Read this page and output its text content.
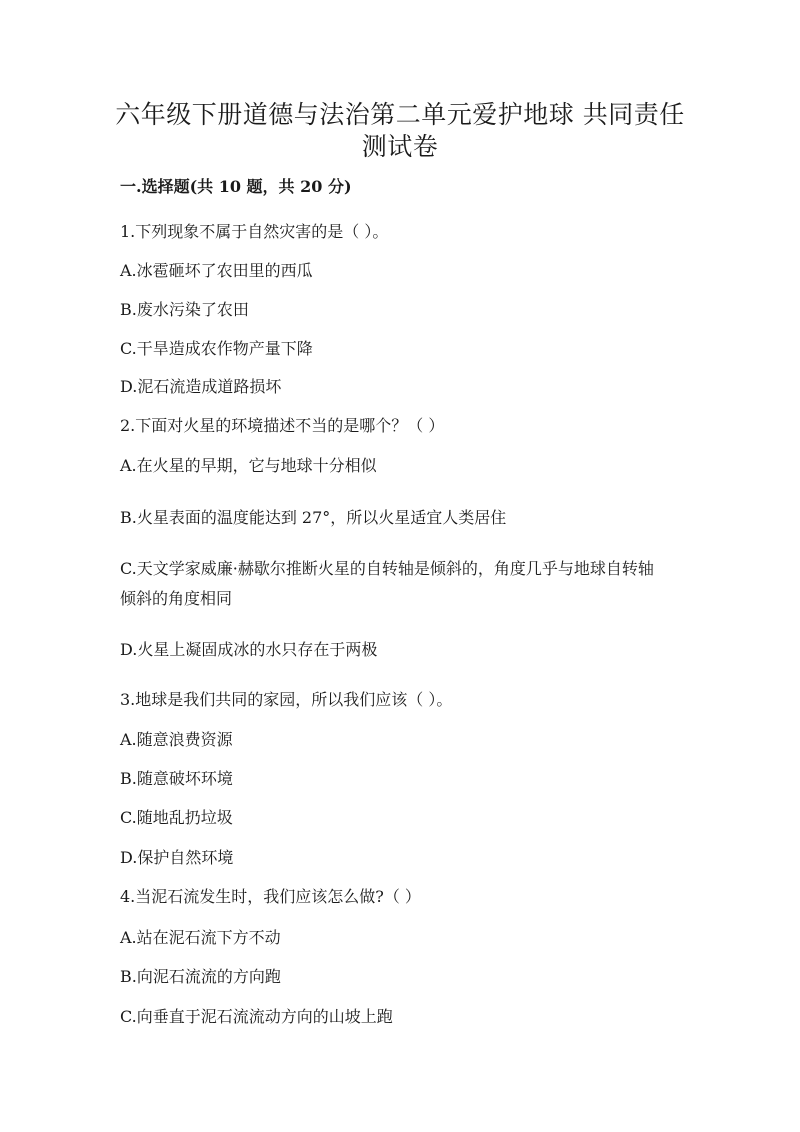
六年级下册道德与法治第二单元爱护地球 共同责任
测试卷
一.选择题(共 10 题，共 20 分)
1.下列现象不属于自然灾害的是（ ）。
A.冰雹砸坏了农田里的西瓜
B.废水污染了农田
C.干旱造成农作物产量下降
D.泥石流造成道路损坏
2.下面对火星的环境描述不当的是哪个？（ ）
A.在火星的早期，它与地球十分相似
B.火星表面的温度能达到 27°，所以火星适宜人类居住
C.天文学家威廉·赫歇尔推断火星的自转轴是倾斜的，角度几乎与地球自转轴
倾斜的角度相同
D.火星上凝固成冰的水只存在于两极
3.地球是我们共同的家园，所以我们应该（ ）。
A.随意浪费资源
B.随意破坏环境
C.随地乱扔垃圾
D.保护自然环境
4.当泥石流发生时，我们应该怎么做?（ ）
A.站在泥石流下方不动
B.向泥石流流的方向跑
C.向垂直于泥石流流动方向的山坡上跑
